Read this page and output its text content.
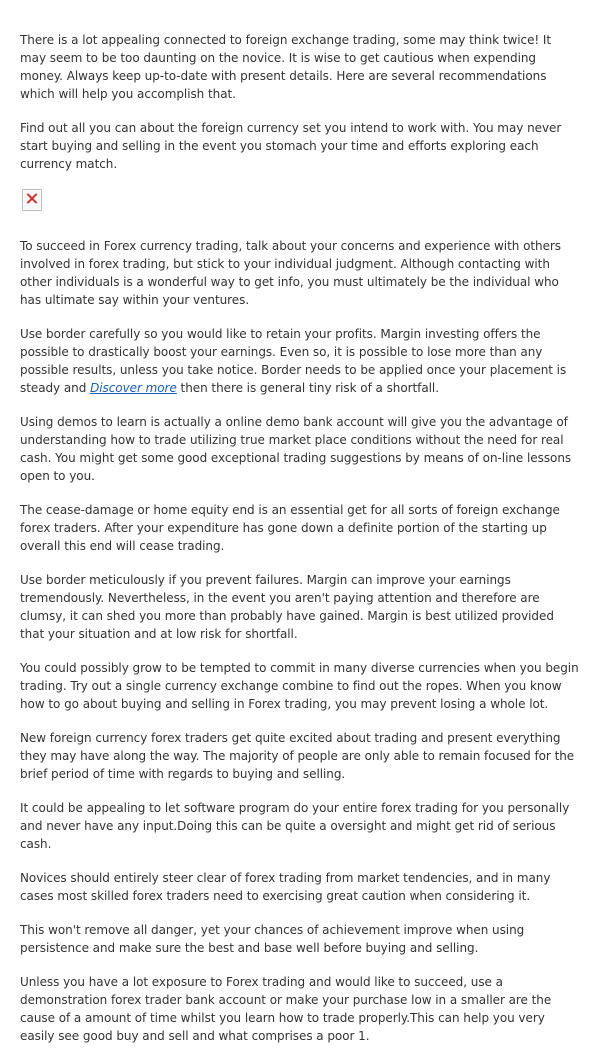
There is a lot appealing connected to foreign exchange trading, some may think twice! It may seem to be too daunting on the novice. It is wise to get cautious when expending money. Always keep up-to-date with present details. Here are several recommendations which will help you accomplish that.

Find out all you can about the foreign currency set you intend to work with. You may never start buying and selling in the event you stomach your time and efforts exploring each currency match.

To succeed in Forex currency trading, talk about your concerns and experience with others involved in forex trading, but stick to your individual judgment. Although contacting with other individuals is a wonderful way to get info, you must ultimately be the individual who has ultimate say within your ventures.

Use border carefully so you would like to retain your profits. Margin investing offers the possible to drastically boost your earnings. Even so, it is possible to lose more than any possible results, unless you take notice. Border needs to be applied once your placement is steady and Discover more then there is general tiny risk of a shortfall.

Using demos to learn is actually a online demo bank account will give you the advantage of understanding how to trade utilizing true market place conditions without the need for real cash. You might get some good exceptional trading suggestions by means of on-line lessons open to you.

The cease-damage or home equity end is an essential get for all sorts of foreign exchange forex traders. After your expenditure has gone down a definite portion of the starting up overall this end will cease trading.

Use border meticulously if you prevent failures. Margin can improve your earnings tremendously. Nevertheless, in the event you aren't paying attention and therefore are clumsy, it can shed you more than probably have gained. Margin is best utilized provided that your situation and at low risk for shortfall.

You could possibly grow to be tempted to commit in many diverse currencies when you begin trading. Try out a single currency exchange combine to find out the ropes. When you know how to go about buying and selling in Forex trading, you may prevent losing a whole lot.

New foreign currency forex traders get quite excited about trading and present everything they may have along the way. The majority of people are only able to remain focused for the brief period of time with regards to buying and selling.

It could be appealing to let software program do your entire forex trading for you personally and never have any input.Doing this can be quite a oversight and might get rid of serious cash.

Novices should entirely steer clear of forex trading from market tendencies, and in many cases most skilled forex traders need to exercising great caution when considering it.

This won't remove all danger, yet your chances of achievement improve when using persistence and make sure the best and base well before buying and selling.

Unless you have a lot exposure to Forex trading and would like to succeed, use a demonstration forex trader bank account or make your purchase low in a smaller are the cause of a amount of time whilst you learn how to trade properly.This can help you very easily see good buy and sell and what comprises a poor 1.
